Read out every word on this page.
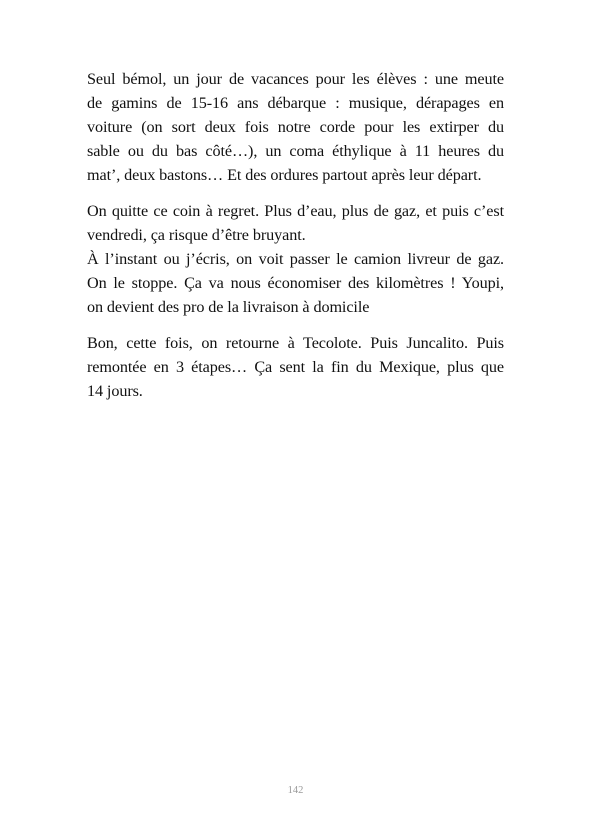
Seul bémol, un jour de vacances pour les élèves : une meute
de gamins de 15-16 ans débarque : musique, dérapages en
voiture (on sort deux fois notre corde pour les extirper du
sable ou du bas côté…), un coma éthylique à 11 heures du
mat’, deux bastons… Et des ordures partout après leur départ.

On quitte ce coin à regret. Plus d’eau, plus de gaz, et puis c’est
vendredi, ça risque d’être bruyant.
À l’instant ou j’écris, on voit passer le camion livreur de gaz.
On le stoppe. Ça va nous économiser des kilomètres ! Youpi,
on devient des pro de la livraison à domicile

Bon, cette fois, on retourne à Tecolote. Puis Juncalito. Puis
remontée en 3 étapes… Ça sent la fin du Mexique, plus que
14 jours.

142
